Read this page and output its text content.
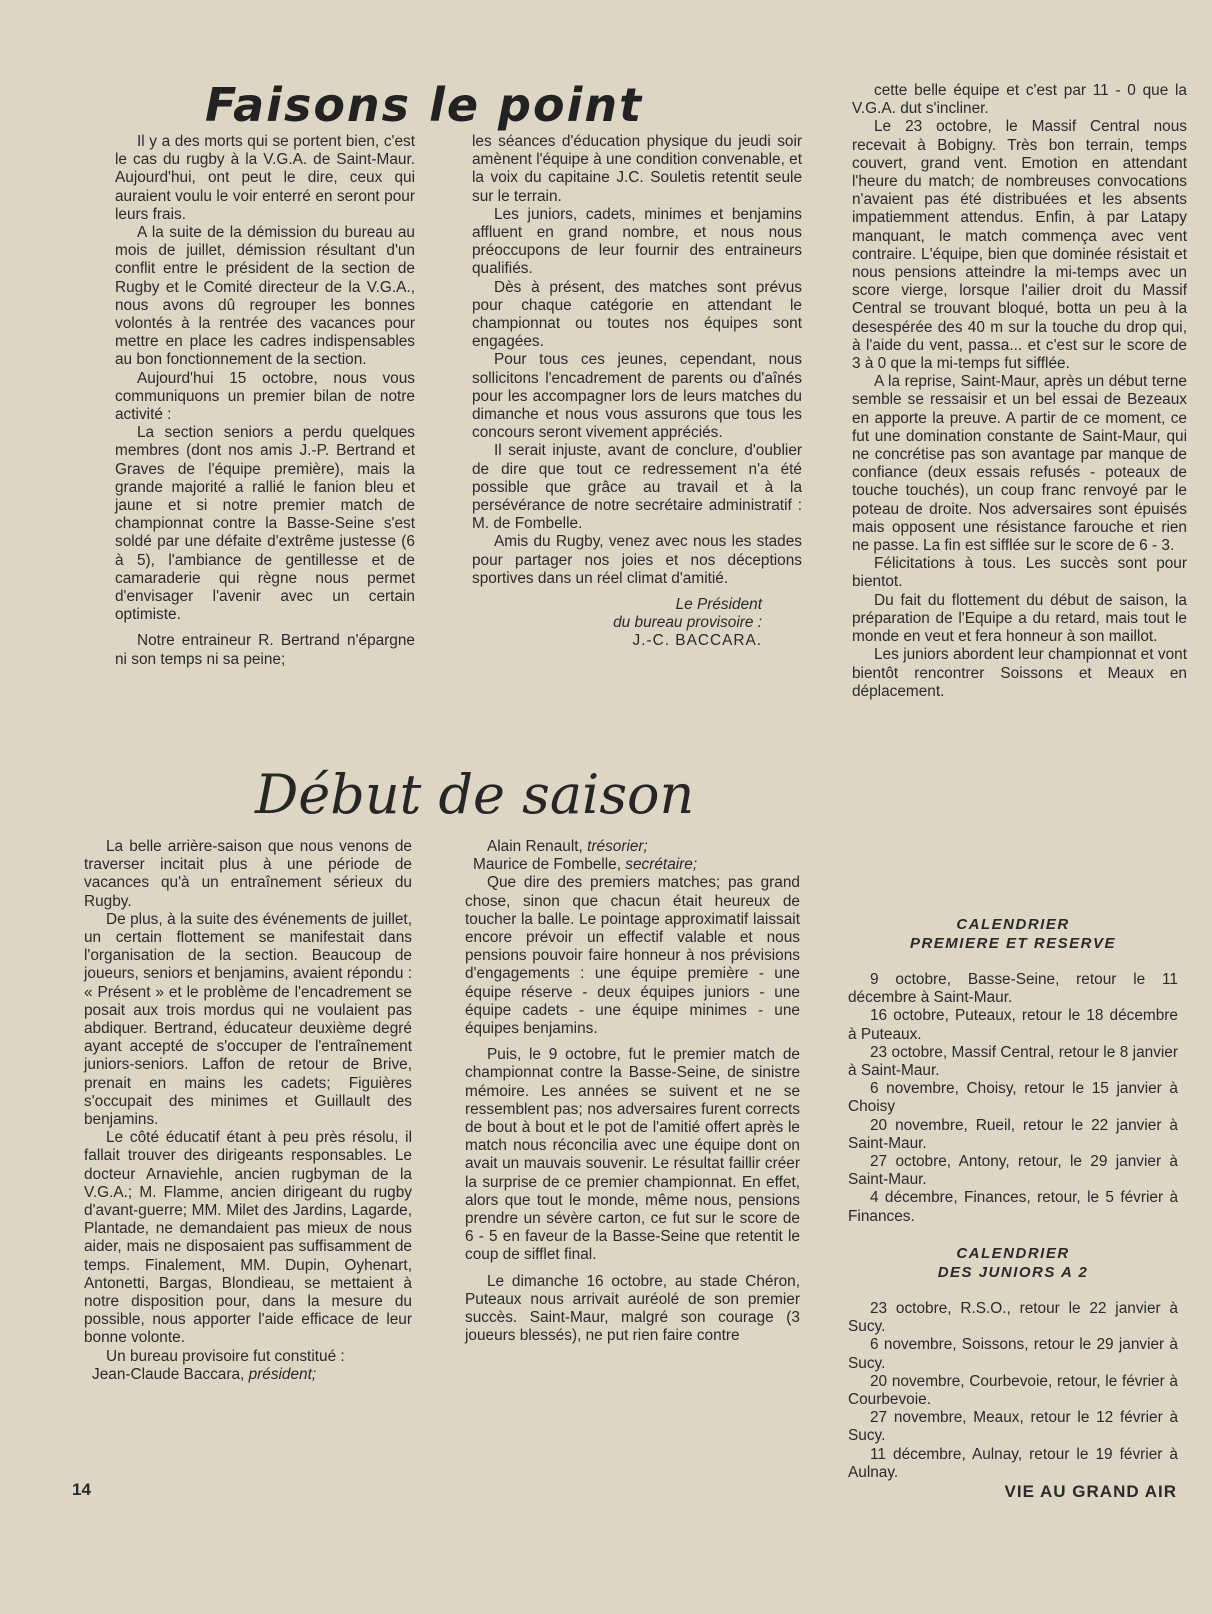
Faisons le point

Il y a des morts qui se portent bien, c'est le cas du rugby à la V.G.A. de Saint-Maur. Aujourd'hui, ont peut le dire, ceux qui auraient voulu le voir enterré en seront pour leurs frais.

A la suite de la démission du bureau au mois de juillet, démission résultant d'un conflit entre le président de la section de Rugby et le Comité directeur de la V.G.A., nous avons dû regrouper les bonnes volontés à la rentrée des vacances pour mettre en place les cadres indispensables au bon fonctionnement de la section.

Aujourd'hui 15 octobre, nous vous communiquons un premier bilan de notre activité :

La section seniors a perdu quelques membres (dont nos amis J.-P. Bertrand et Graves de l'équipe première), mais la grande majorité a rallié le fanion bleu et jaune et si notre premier match de championnat contre la Basse-Seine s'est soldé par une défaite d'extrême justesse (6 à 5), l'ambiance de gentillesse et de camaraderie qui règne nous permet d'envisager l'avenir avec un certain optimiste.

Notre entraineur R. Bertrand n'épargne ni son temps ni sa peine;

les séances d'éducation physique du jeudi soir amènent l'équipe à une condition convenable, et la voix du capitaine J.C. Souletis retentit seule sur le terrain.

Les juniors, cadets, minimes et benjamins affluent en grand nombre, et nous nous préoccupons de leur fournir des entraineurs qualifiés.

Dès à présent, des matches sont prévus pour chaque catégorie en attendant le championnat ou toutes nos équipes sont engagées.

Pour tous ces jeunes, cependant, nous sollicitons l'encadrement de parents ou d'aînés pour les accompagner lors de leurs matches du dimanche et nous vous assurons que tous les concours seront vivement appréciés.

Il serait injuste, avant de conclure, d'oublier de dire que tout ce redressement n'a été possible que grâce au travail et à la persévérance de notre secrétaire administratif : M. de Fombelle.

Amis du Rugby, venez avec nous les stades pour partager nos joies et nos déceptions sportives dans un réel climat d'amitié.

Le Président
du bureau provisoire :
J.-C. BACCARA.
Début de saison

La belle arrière-saison que nous venons de traverser incitait plus à une période de vacances qu'à un entraînement sérieux du Rugby.

De plus, à la suite des événements de juillet, un certain flottement se manifestait dans l'organisation de la section. Beaucoup de joueurs, seniors et benjamins, avaient répondu : « Présent » et le problème de l'encadrement se posait aux trois mordus qui ne voulaient pas abdiquer. Bertrand, éducateur deuxième degré ayant accepté de s'occuper de l'entraînement juniors-seniors. Laffon de retour de Brive, prenait en mains les cadets; Figuières s'occupait des minimes et Guillault des benjamins.

Le côté éducatif étant à peu près résolu, il fallait trouver des dirigeants responsables. Le docteur Arnaviehle, ancien rugbyman de la V.G.A.; M. Flamme, ancien dirigeant du rugby d'avant-guerre; MM. Milet des Jardins, Lagarde, Plantade, ne demandaient pas mieux de nous aider, mais ne disposaient pas suffisamment de temps. Finalement, MM. Dupin, Oyhenart, Antonetti, Bargas, Blondieau, se mettaient à notre disposition pour, dans la mesure du possible, nous apporter l'aide efficace de leur bonne volonte.

Un bureau provisoire fut constitué :

Jean-Claude Baccara, président;

Alain Renault, trésorier;

Maurice de Fombelle, secrétaire;

Que dire des premiers matches; pas grand chose, sinon que chacun était heureux de toucher la balle. Le pointage approximatif laissait encore prévoir un effectif valable et nous pensions pouvoir faire honneur à nos prévisions d'engagements : une équipe première - une équipe réserve - deux équipes juniors - une équipe cadets - une équipe minimes - une équipes benjamins.

Puis, le 9 octobre, fut le premier match de championnat contre la Basse-Seine, de sinistre mémoire. Les années se suivent et ne se ressemblent pas; nos adversaires furent corrects de bout à bout et le pot de l'amitié offert après le match nous réconcilia avec une équipe dont on avait un mauvais souvenir. Le résultat faillir créer la surprise de ce premier championnat. En effet, alors que tout le monde, même nous, pensions prendre un sévère carton, ce fut sur le score de 6 - 5 en faveur de la Basse-Seine que retentit le coup de sifflet final.

Le dimanche 16 octobre, au stade Chéron, Puteaux nous arrivait auréolé de son premier succès. Saint-Maur, malgré son courage (3 joueurs blessés), ne put rien faire contre

cette belle équipe et c'est par 11 - 0 que la V.G.A. dut s'incliner.

Le 23 octobre, le Massif Central nous recevait à Bobigny. Très bon terrain, temps couvert, grand vent. Emotion en attendant l'heure du match; de nombreuses convocations n'avaient pas été distribuées et les absents impatiemment attendus. Enfin, à par Latapy manquant, le match commença avec vent contraire. L'équipe, bien que dominée résistait et nous pensions atteindre la mi-temps avec un score vierge, lorsque l'ailier droit du Massif Central se trouvant bloqué, botta un peu à la desespérée des 40 m sur la touche du drop qui, à l'aide du vent, passa... et c'est sur le score de 3 à 0 que la mi-temps fut sifflée.

A la reprise, Saint-Maur, après un début terne semble se ressaisir et un bel essai de Bezeaux en apporte la preuve. A partir de ce moment, ce fut une domination constante de Saint-Maur, qui ne concrétise pas son avantage par manque de confiance (deux essais refusés - poteaux de touche touchés), un coup franc renvoyé par le poteau de droite. Nos adversaires sont épuisés mais opposent une résistance farouche et rien ne passe. La fin est sifflée sur le score de 6 - 3.

Félicitations à tous. Les succès sont pour bientot.

Du fait du flottement du début de saison, la préparation de l'Equipe a du retard, mais tout le monde en veut et fera honneur à son maillot.

Les juniors abordent leur championnat et vont bientôt rencontrer Soissons et Meaux en déplacement.

CALENDRIER
PREMIERE ET RESERVE

9 octobre, Basse-Seine, retour le 11 décembre à Saint-Maur.

16 octobre, Puteaux, retour le 18 décembre à Puteaux.

23 octobre, Massif Central, retour le 8 janvier à Saint-Maur.

6 novembre, Choisy, retour le 15 janvier à Choisy

20 novembre, Rueil, retour le 22 janvier à Saint-Maur.

27 octobre, Antony, retour, le 29 janvier à Saint-Maur.

4 décembre, Finances, retour, le 5 février à Finances.

CALENDRIER
DES JUNIORS A 2

23 octobre, R.S.O., retour le 22 janvier à Sucy.

6 novembre, Soissons, retour le 29 janvier à Sucy.

20 novembre, Courbevoie, retour, le février à Courbevoie.

27 novembre, Meaux, retour le 12 février à Sucy.

11 décembre, Aulnay, retour le 19 février à Aulnay.

14	VIE AU GRAND AIR
